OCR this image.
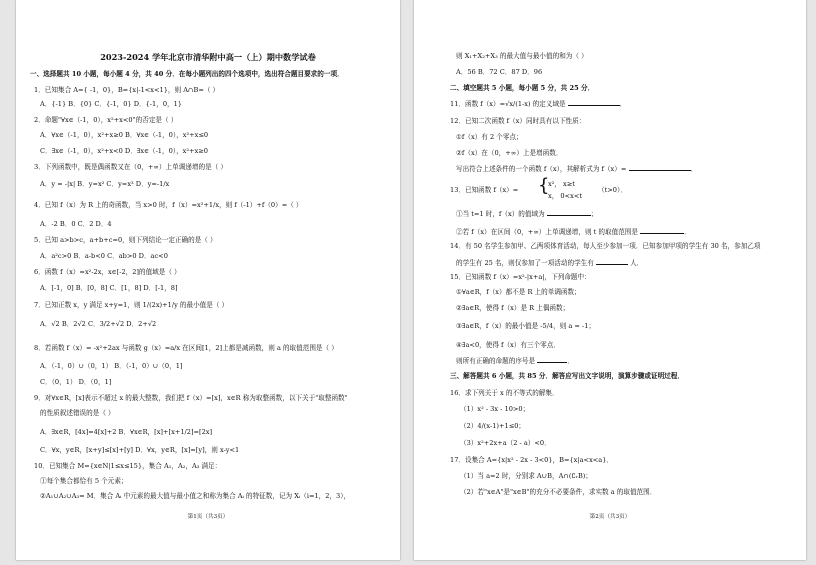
2023-2024 学年北京市清华附中高一（上）期中数学试卷
一、选择题共 10 小题，每小题 4 分，共 40 分．在每小题列出的四个选项中，选出符合题目要求的一项．
1．已知集合 A={ -1，0}，B={x|-1<x<1}，则 A∩B=（ ）
A．{-1} B．{0} C．{-1，0} D．{-1，0，1}
2．命题"∀x∈（-1，0），x²+x<0"的否定是（ ）
A．∀x∈（-1，0），x²+x≥0 B．∀x∈（-1，0），x²+x≤0
C．∃x∈（-1，0），x²+x<0 D．∃x∈（-1，0），x²+x≥0
3．下列函数中，既是偶函数又在（0，+∞）上单调递增的是（ ）
A．y = -|x| B．y=x² C．y=x³ D．y=-1/x
4．已知 f（x）为 R 上的奇函数，当 x>0 时，f（x）=x²+1/x，则 f（-1）+f（0）=（ ）
A．-2 B．0 C．2 D．4
5．已知 a>b>c，a+b+c=0，则下列结论一定正确的是（ ）
A．a²c>0 B．a-b<0 C．ab>0 D．ac<0
6．函数 f（x）=x²-2x，x∈[-2，2]的值域是（ ）
A．[-1，0] B．[0，8] C．[1，8] D．[-1，8]
7．已知正数 x，y 满足 x+y=1，则 1/(2x)+1/y 的最小值是（ ）
A．√2 B．2√2 C．3/2+√2 D．2+√2
8．若函数 f（x）= -x²+2ax 与函数 g（x）=a/x 在区间[1，2]上都是减函数，则 a 的取值范围是（ ）
A．（-1，0）∪（0，1） B．（-1，0）∪（0，1]
C．（0，1） D．（0，1]
9．对∀x∈R，[x]表示不超过 x 的最大整数，我们把 f（x）=[x]，x∈R 称为取整函数，以下关于"取整函数"
的性质叙述错误的是（ ）
A．∃x∈R，[4x]=4[x]+2 B．∀x∈R，[x]+[x+1/2]=[2x]
C．∀x，y∈R，[x+y]≤[x]+[y] D．∀x，y∈R，[x]=[y]，则 x-y<1
10．已知集合 M={x∈N|1≤x≤15}，集合 A₁，A₂，A₃ 满足：
①每个集合都恰有 5 个元素；
②A₁∪A₂∪A₃= M．集合 Aᵢ 中元素的最大值与最小值之和称为集合 Aᵢ 的特征数，记为 Xᵢ（i=1，2，3），
第1页（共3页）
则 X₁+X₂+X₃ 的最大值与最小值的和为（ ）
A．56 B．72 C．87 D．96
二、填空题共 5 小题，每小题 5 分，共 25 分．
11．函数 f（x）=√x/(1-x) 的定义域是	．
12．已知二次函数 f（x）同时具有以下性质：
①f（x）有 2 个零点；
②f（x）在（0，+∞）上是增函数．
写出符合上述条件的一个函数 f（x），其解析式为 f（x）=	．
13．已知函数 f（x）= {
x²， x≥t
x， 0<x<t
（t>0）．
①当 t=1 时，f（x）的值域为	；
②若 f（x）在区间（0，+∞）上单调递增，则 t 的取值范围是	．
14．有 50 名学生参加甲、乙两项体育活动，每人至少参加一项．已知参加甲项的学生有 30 名，参加乙项
的学生有 25 名，则仅参加了一项活动的学生有	人．
15．已知函数 f（x）=x²-|x+a|，下列命题中：
①∀a∈R，f（x）都不是 R 上的单调函数；
②∃a∈R，使得 f（x）是 R 上偶函数；
③∃a∈R，f（x）的最小值是 -5/4，则 a = -1；
④∃a<0，使得 f（x）有三个零点．
则所有正确的命题的序号是	．
三、解答题共 6 小题，共 85 分．解答应写出文字说明，演算步骤或证明过程．
16．求下列关于 x 的不等式的解集．
（1）x² - 3x - 10>0；
（2）4/(x-1)+1≤0；
（3）x²+2x+a（2 - a）<0．
17．设集合 A={x|x² - 2x - 3<0}，B={x|a<x<a}．
（1）当 a=2 时，分别求 A∪B，A∩(∁ᵣB)；
（2）若"x∈A"是"x∈B"的充分不必要条件，求实数 a 的取值范围．
第2页（共3页）
